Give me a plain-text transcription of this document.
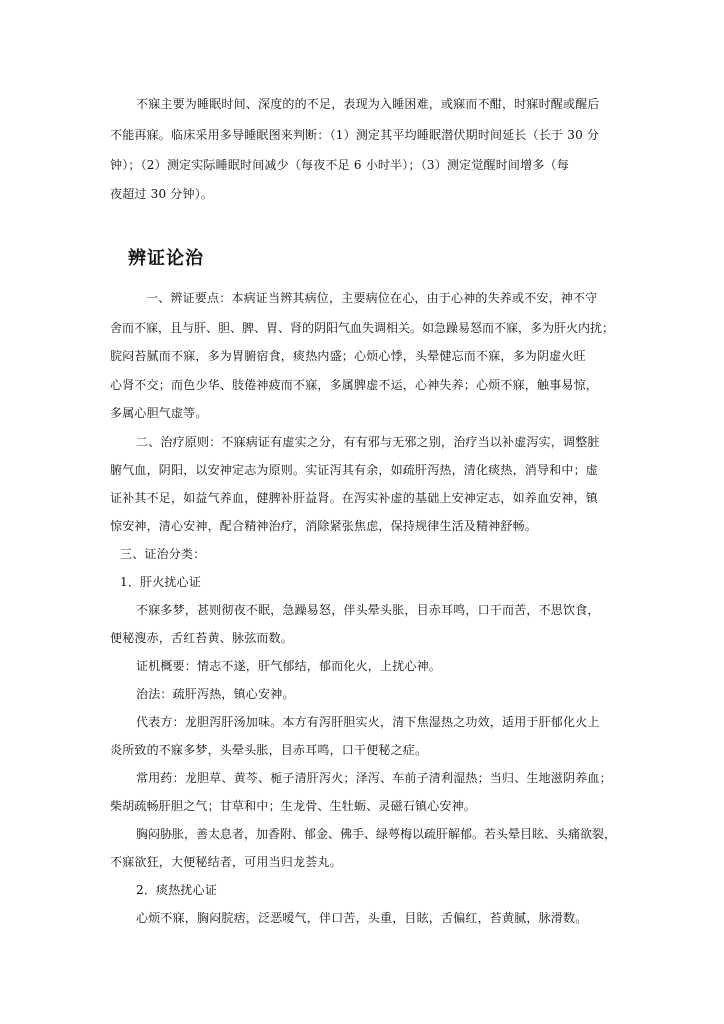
不寐主要为睡眠时间、深度的的不足，表现为入睡困难，或寐而不酣，时寐时醒或醒后
不能再寐。临床采用多导睡眠图来判断：（1）测定其平均睡眠潜伏期时间延长（长于 30 分
钟）；（2）测定实际睡眠时间减少（每夜不足 6 小时半）；（3）测定觉醒时间增多（每
夜超过 30 分钟）。
辨证论治
一、辨证要点：本病证当辨其病位，主要病位在心，由于心神的失养或不安，神不守
舍而不寐，且与肝、胆、脾、胃、肾的阴阳气血失调相关。如急躁易怒而不寐，多为肝火内扰；
脘闷苔腻而不寐，多为胃腑宿食，痰热内盛；心烦心悸，头晕健忘而不寐，多为阴虚火旺
心肾不交；而色少华、肢倦神疲而不寐，多属脾虚不运，心神失养；心烦不寐，触事易惊，
多属心胆气虚等。
二、治疗原则：不寐病证有虚实之分，有有邪与无邪之别，治疗当以补虚泻实，调整脏
腑气血，阴阳，以安神定志为原则。实证泻其有余，如疏肝泻热，清化痰热，消导和中；虚
证补其不足，如益气养血，健脾补肝益肾。在泻实补虚的基础上安神定志，如养血安神，镇
惊安神，清心安神，配合精神治疗，消除紧张焦虑，保持规律生活及精神舒畅。
三、证治分类：
1．肝火扰心证
不寐多梦，甚则彻夜不眠，急躁易怒，伴头晕头胀，目赤耳鸣，口干而苦，不思饮食，
便秘溲赤，舌红苔黄、脉弦而数。
证机概要：情志不遂，肝气郁结，郁而化火，上扰心神。
治法：疏肝泻热，镇心安神。
代表方：龙胆泻肝汤加味。本方有泻肝胆实火，清下焦湿热之功效，适用于肝郁化火上
炎所致的不寐多梦，头晕头胀，目赤耳鸣，口干便秘之症。
常用药：龙胆草、黄芩、栀子清肝泻火；泽泻、车前子清利湿热；当归、生地滋阴养血；
柴胡疏畅肝胆之气；甘草和中；生龙骨、生牡蛎、灵磁石镇心安神。
胸闷胁胀，善太息者，加香附、郁金、佛手、绿萼梅以疏肝解郁。若头晕目眩、头痛欲裂，
不寐欲狂，大便秘结者，可用当归龙荟丸。
2．痰热扰心证
心烦不寐，胸闷脘痞，泛恶嗳气，伴口苦，头重，目眩，舌偏红，苔黄腻，脉滑数。
